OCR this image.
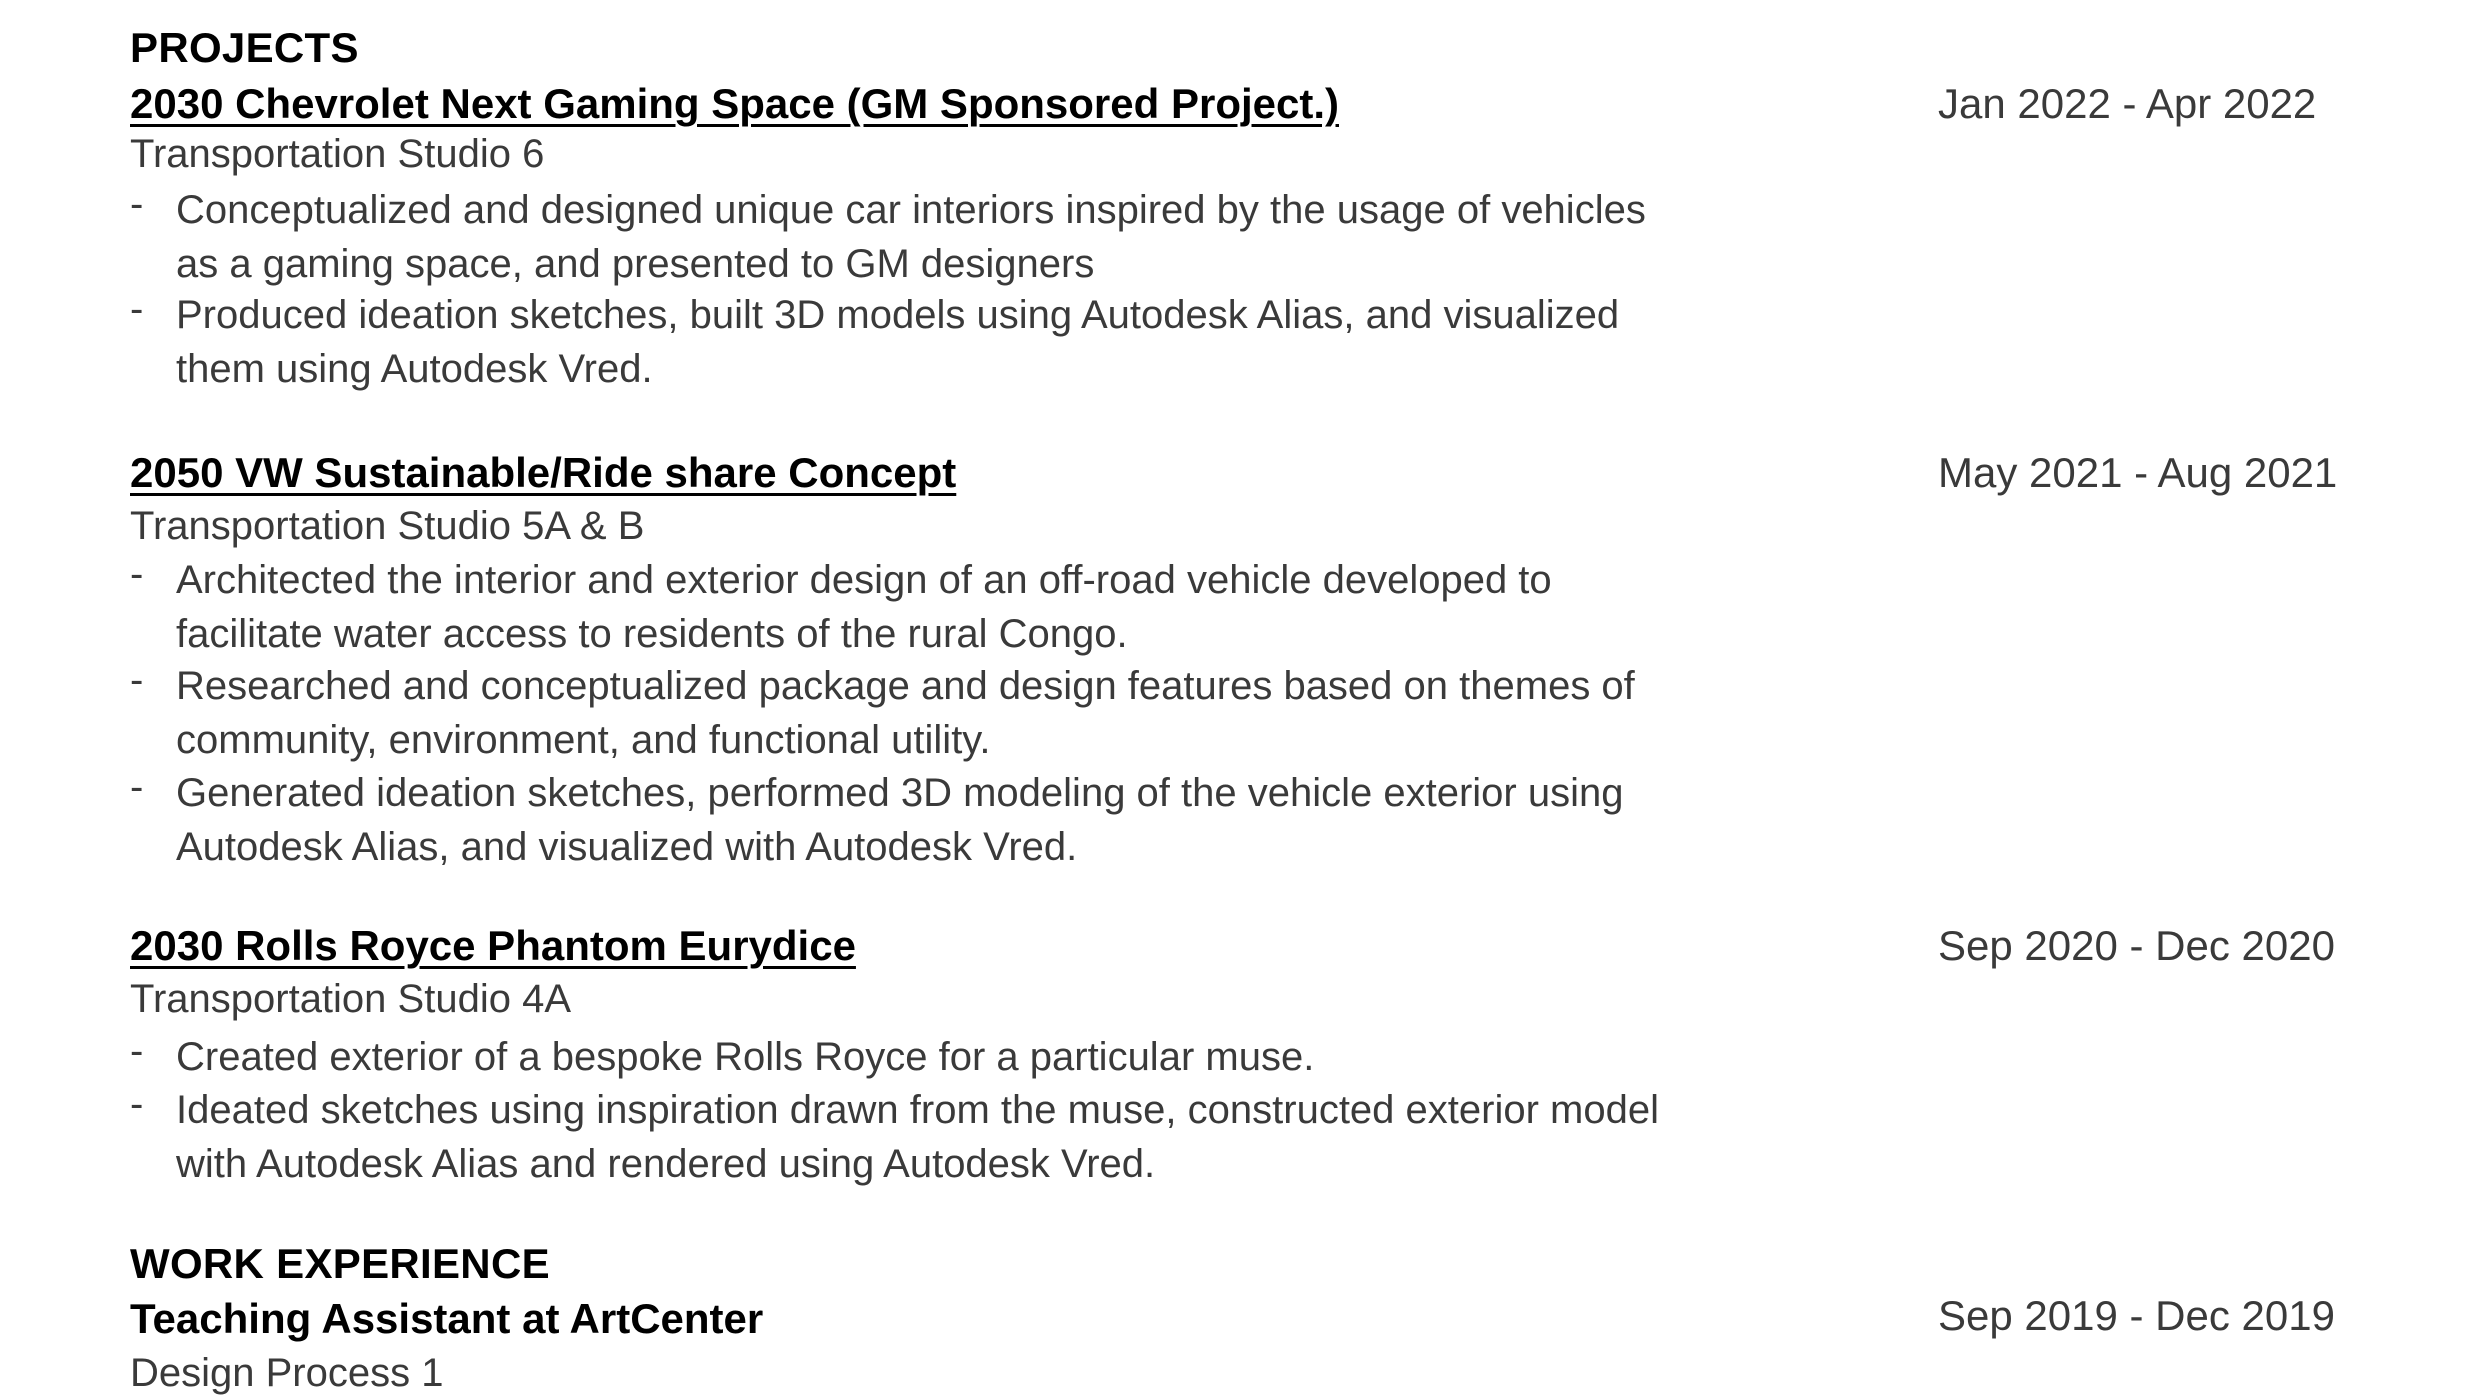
PROJECTS
2030 Chevrolet Next Gaming Space (GM Sponsored Project.)	Jan 2022 - Apr 2022
Transportation Studio 6
- Conceptualized and designed unique car interiors inspired by the usage of vehicles as a gaming space, and presented to GM designers
- Produced ideation sketches, built 3D models using Autodesk Alias, and visualized them using Autodesk Vred.
2050 VW Sustainable/Ride share Concept	May 2021 - Aug 2021
Transportation Studio 5A & B
- Architected the interior and exterior design of an off-road vehicle developed to facilitate water access to residents of the rural Congo.
- Researched and conceptualized package and design features based on themes of community, environment, and functional utility.
- Generated ideation sketches, performed 3D modeling of the vehicle exterior using Autodesk Alias, and visualized with Autodesk Vred.
2030 Rolls Royce Phantom Eurydice	Sep 2020 - Dec 2020
Transportation Studio 4A
- Created exterior of a bespoke Rolls Royce for a particular muse.
- Ideated sketches using inspiration drawn from the muse, constructed exterior model with Autodesk Alias and rendered using Autodesk Vred.
WORK EXPERIENCE
Teaching Assistant at ArtCenter	Sep 2019 - Dec 2019
Design Process 1
